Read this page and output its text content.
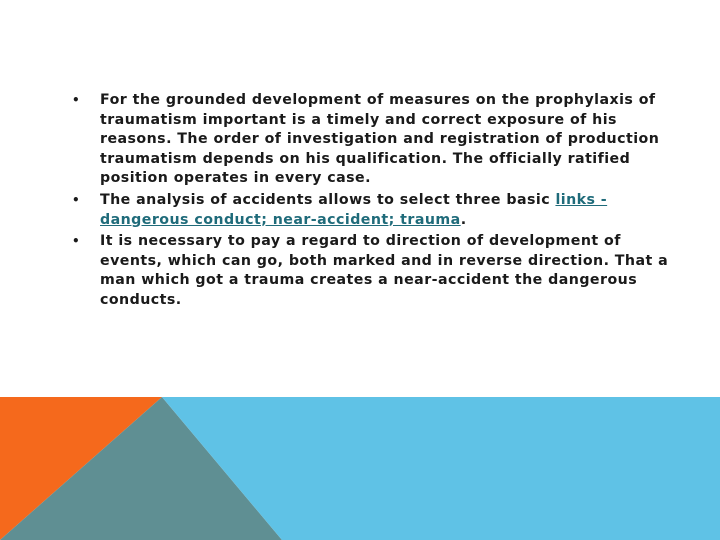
• For the grounded development of measures on the prophylaxis of traumatism important is a timely and correct exposure of his reasons. The order of investigation and registration of production traumatism depends on his qualification. The officially ratified position operates in every case.
• The analysis of accidents allows to select three basic links - dangerous conduct; near-accident; trauma.
• It is necessary to pay a regard to direction of development of events, which can go, both marked and in reverse direction. That a man which got a trauma creates a near-accident the dangerous conducts.
